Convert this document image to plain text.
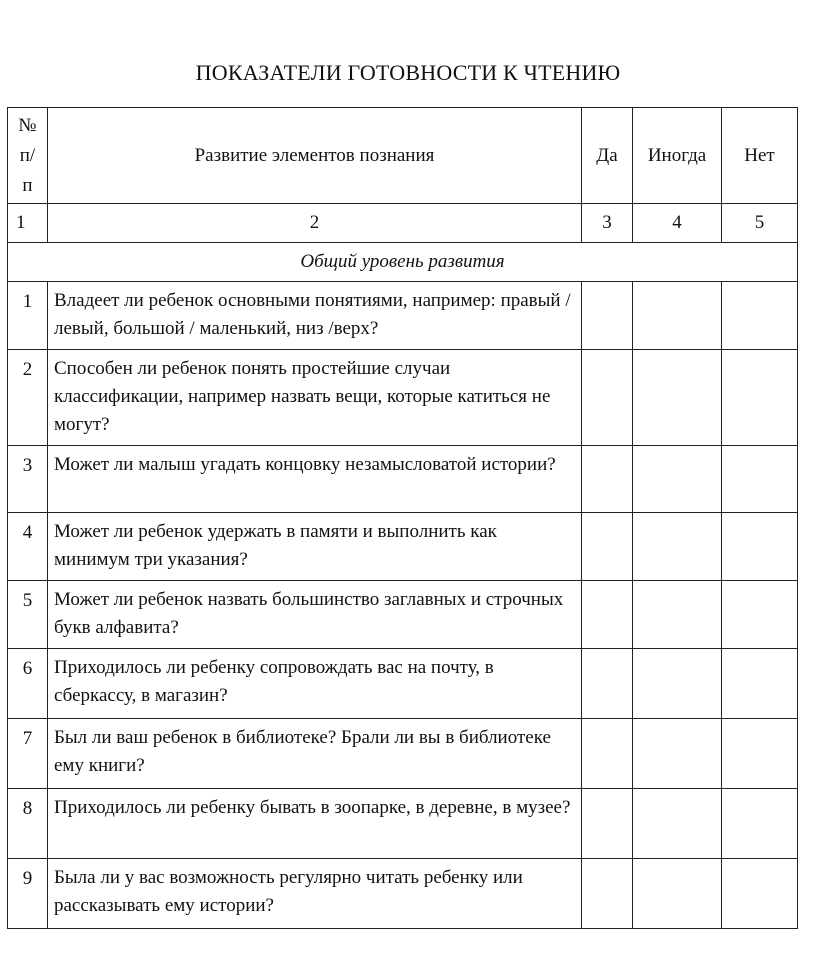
ПОКАЗАТЕЛИ ГОТОВНОСТИ К ЧТЕНИЮ
№
п/
п	Развитие элементов познания	Да	Иногда	Нет
1	2	3	4	5
Общий уровень развития				
1	Владеет ли ребенок основными понятиями, например: правый /левый, большой / маленький, низ /верх?			
2	Способен ли ребенок понять простейшие случаи классификации, например назвать вещи, которые катиться не могут?			
3	Может ли малыш угадать концовку незамысловатой истории?			
4	Может ли ребенок удержать в памяти и выполнить как минимум три указания?			
5	Может ли ребенок назвать большинство заглавных и строчных букв алфавита?			
6	Приходилось ли ребенку сопровождать вас на почту, в сберкассу, в магазин?			
7	Был ли ваш ребенок в библиотеке? Брали ли вы в библиотеке ему книги?			
8	Приходилось ли ребенку бывать в зоопарке, в деревне, в музее?			
9	Была ли у вас возможность регулярно читать ребенку или рассказывать ему истории?			
